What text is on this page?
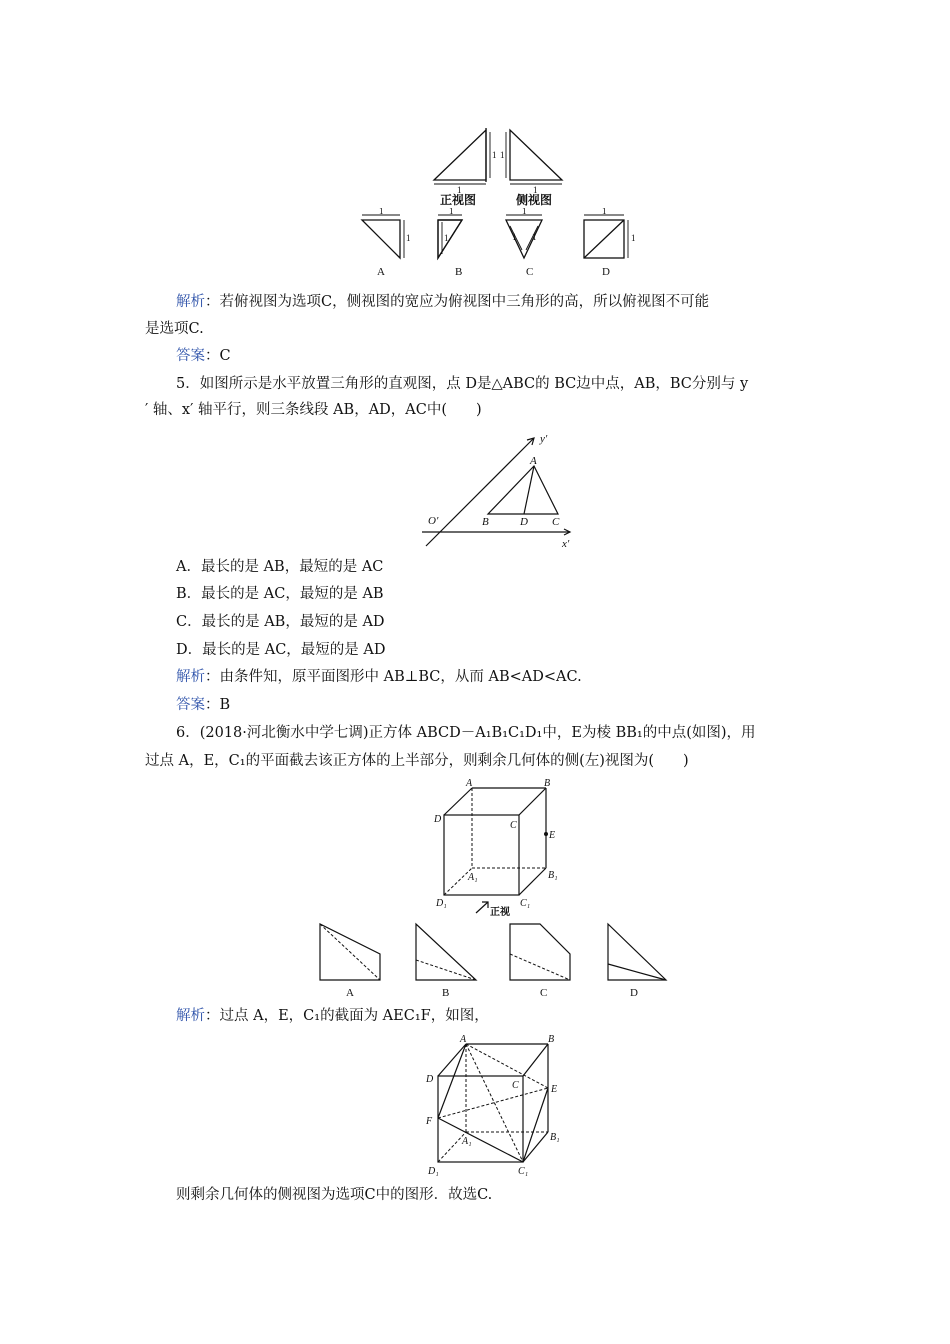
1 1
1	1
正视图	侧视图
1
1	1
1	1
1 1
1
1
A	B	C	D
解析：若俯视图为选项C，侧视图的宽应为俯视图中三角形的高，所以俯视图不可能
是选项C.
答案：C
5．如图所示是水平放置三角形的直观图，点 D是△ABC的 BC边中点，AB，BC分别与 y
′ 轴、x′ 轴平行，则三条线段 AB，AD，AC中(　　)
y′
x′
O′
A
B	D C
A．最长的是 AB，最短的是 AC
B．最长的是 AC，最短的是 AB
C．最长的是 AB，最短的是 AD
D．最长的是 AC，最短的是 AD
解析：由条件知，原平面图形中 AB⊥BC，从而 AB<AD<AC.
答案：B
6．(2018·河北衡水中学七调)正方体 ABCD－A₁B₁C₁D₁中，E为棱 BB₁的中点(如图)，用
过点 A，E，C₁的平面截去该正方体的上半部分，则剩余几何体的侧(左)视图为(　　)
A	B
C
D
E
A₁	B₁
C₁
D₁
正视
A	B	C	D
解析：过点 A，E，C₁的截面为 AEC₁F，如图，
A	B
C
D
E
F
A₁	B₁
C₁
D₁
则剩余几何体的侧视图为选项C中的图形．故选C.
